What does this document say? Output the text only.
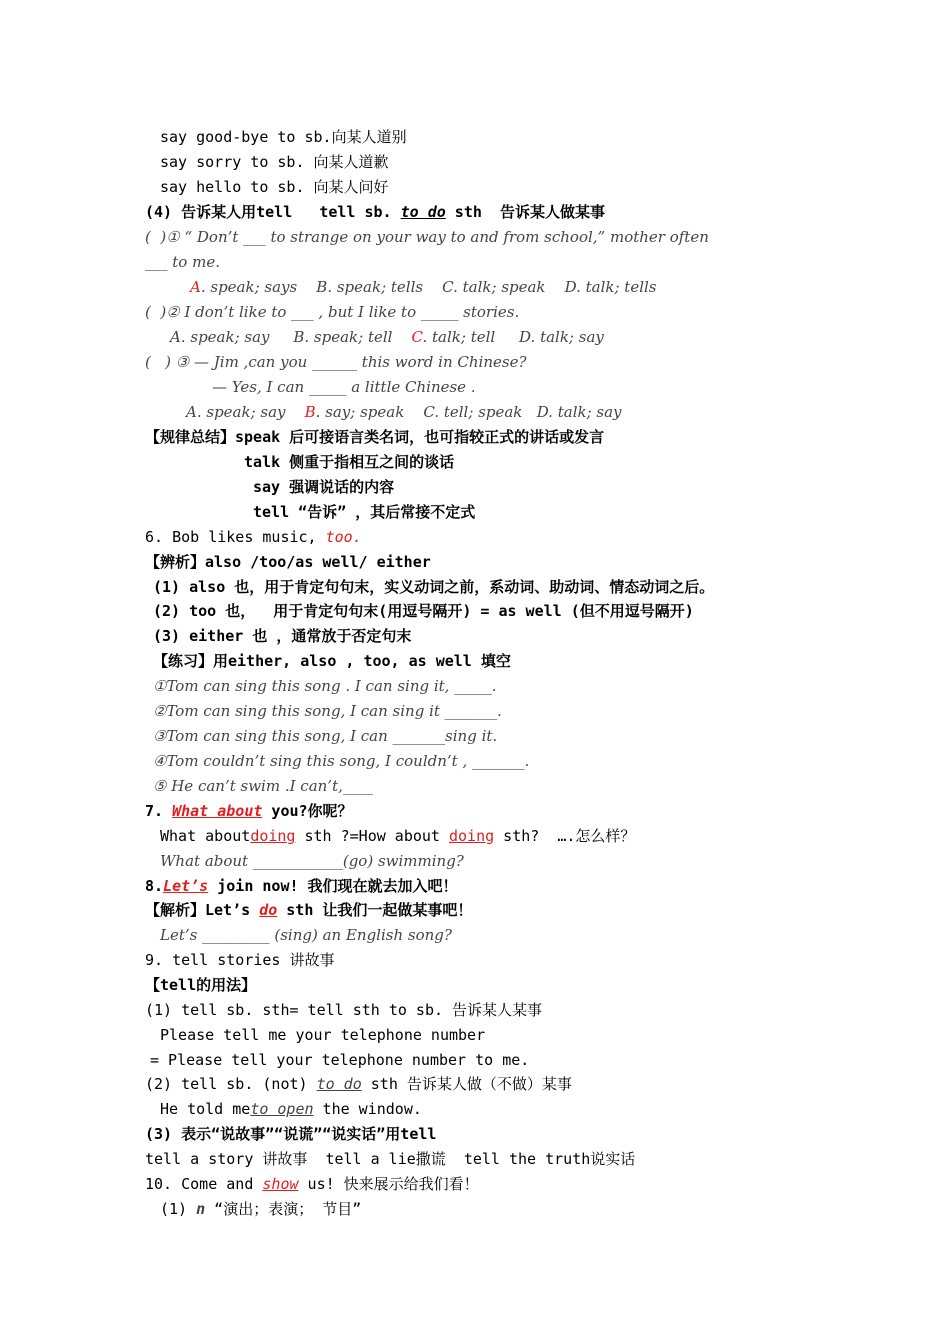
say good-bye to sb.向某人道别
say sorry to sb. 向某人道歉
say hello to sb. 向某人问好
(4) 告诉某人用tell   tell sb. to do sth  告诉某人做某事
(  )① “ Don’t ___ to strange on your way to and from school,” mother often
___ to me.
A. speak; says    B. speak; tells    C. talk; speak    D. talk; tells
(  )② I don’t like to ___ , but I like to _____ stories.
A. speak; say     B. speak; tell    C. talk; tell     D. talk; say
(   ) ③ — Jim ,can you ______ this word in Chinese?
— Yes, I can _____ a little Chinese .
A. speak; say    B. say; speak    C. tell; speak   D. talk; say
【规律总结】speak 后可接语言类名词，也可指较正式的讲话或发言
talk 侧重于指相互之间的谈话
say 强调说话的内容
tell “告诉” ，其后常接不定式
6. Bob likes music, too.
【辨析】also /too/as well/ either
(1) also 也，用于肯定句句末，实义动词之前，系动词、助动词、情态动词之后。
(2) too 也，  用于肯定句句末(用逗号隔开) = as well (但不用逗号隔开)
(3) either 也 ，通常放于否定句末
【练习】用either, also , too, as well 填空
①Tom can sing this song . I can sing it, _____.
②Tom can sing this song, I can sing it _______.
③Tom can sing this song, I can _______sing it.
④Tom couldn’t sing this song, I couldn’t , _______.
⑤ He can’t swim .I can’t,____
7. What about you?你呢？
What aboutdoing sth ?=How about doing sth?  ….怎么样？
What about ____________(go) swimming?
8.Let’s join now! 我们现在就去加入吧！
【解析】Let’s do sth 让我们一起做某事吧！
Let’s _________ (sing) an English song?
9. tell stories 讲故事
【tell的用法】
(1) tell sb. sth= tell sth to sb. 告诉某人某事
Please tell me your telephone number
= Please tell your telephone number to me.
(2) tell sb. (not) to do sth 告诉某人做（不做）某事
He told meto open the window.
(3) 表示“说故事”“说谎”“说实话”用tell
tell a story 讲故事  tell a lie撒谎  tell the truth说实话
10. Come and show us! 快来展示给我们看！
(1) n “演出；表演； 节目”
